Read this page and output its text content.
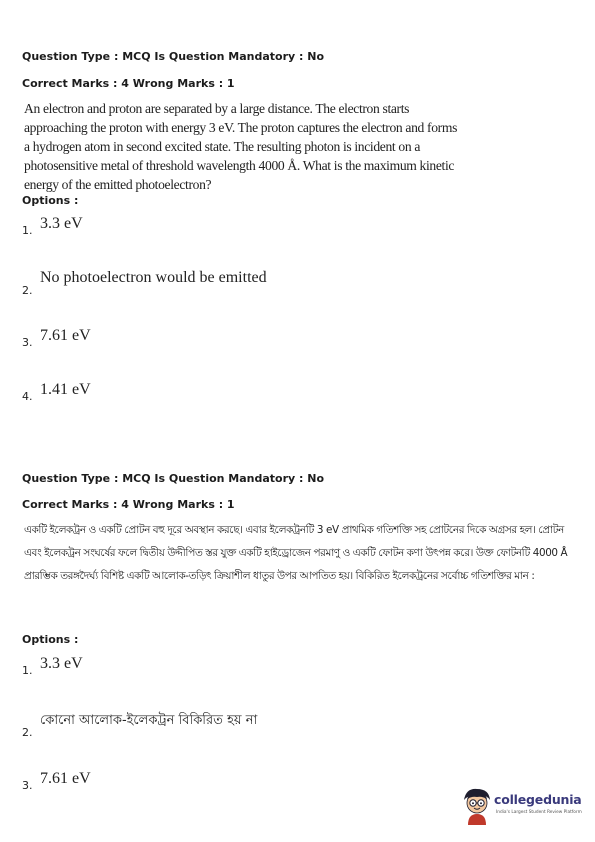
Question Type : MCQ Is Question Mandatory : No
Correct Marks : 4 Wrong Marks : 1
An electron and proton are separated by a large distance. The electron starts approaching the proton with energy 3 eV. The proton captures the electron and forms a hydrogen atom in second excited state. The resulting photon is incident on a photosensitive metal of threshold wavelength 4000 Å. What is the maximum kinetic energy of the emitted photoelectron?
Options :
1. 3.3 eV
2.
No photoelectron would be emitted
3. 7.61 eV
4. 1.41 eV
Question Type : MCQ Is Question Mandatory : No
Correct Marks : 4 Wrong Marks : 1
একটি ইলেকট্রন ও একটি প্রোটন বহু দূরে অবস্থান করছে। এবার ইলেকট্রনটি 3 eV প্রাথমিক গতিশক্তি সহ প্রোটনের দিকে অগ্রসর হল। প্রোটন এবং ইলেকট্রন সংঘর্ষের ফলে দ্বিতীয় উদ্দীপিত স্তর যুক্ত একটি হাইড্রোজেন পরমাণু ও একটি ফোটন কণা উৎপন্ন করে। উক্ত ফোটনটি 4000 Å প্রারম্ভিক তরঙ্গদৈর্ঘ্য বিশিষ্ট একটি আলোক-তড়িৎ ক্রিয়াশীল ধাতুর উপর আপতিত হয়। বিকিরিত ইলেকট্রনের সর্বোচ্চ গতিশক্তির মান :
Options :
1. 3.3 eV
2.
কোনো আলোক-ইলেকট্রন বিকিরিত হয় না
3. 7.61 eV
collegedunia
India's Largest Student Review Platform
